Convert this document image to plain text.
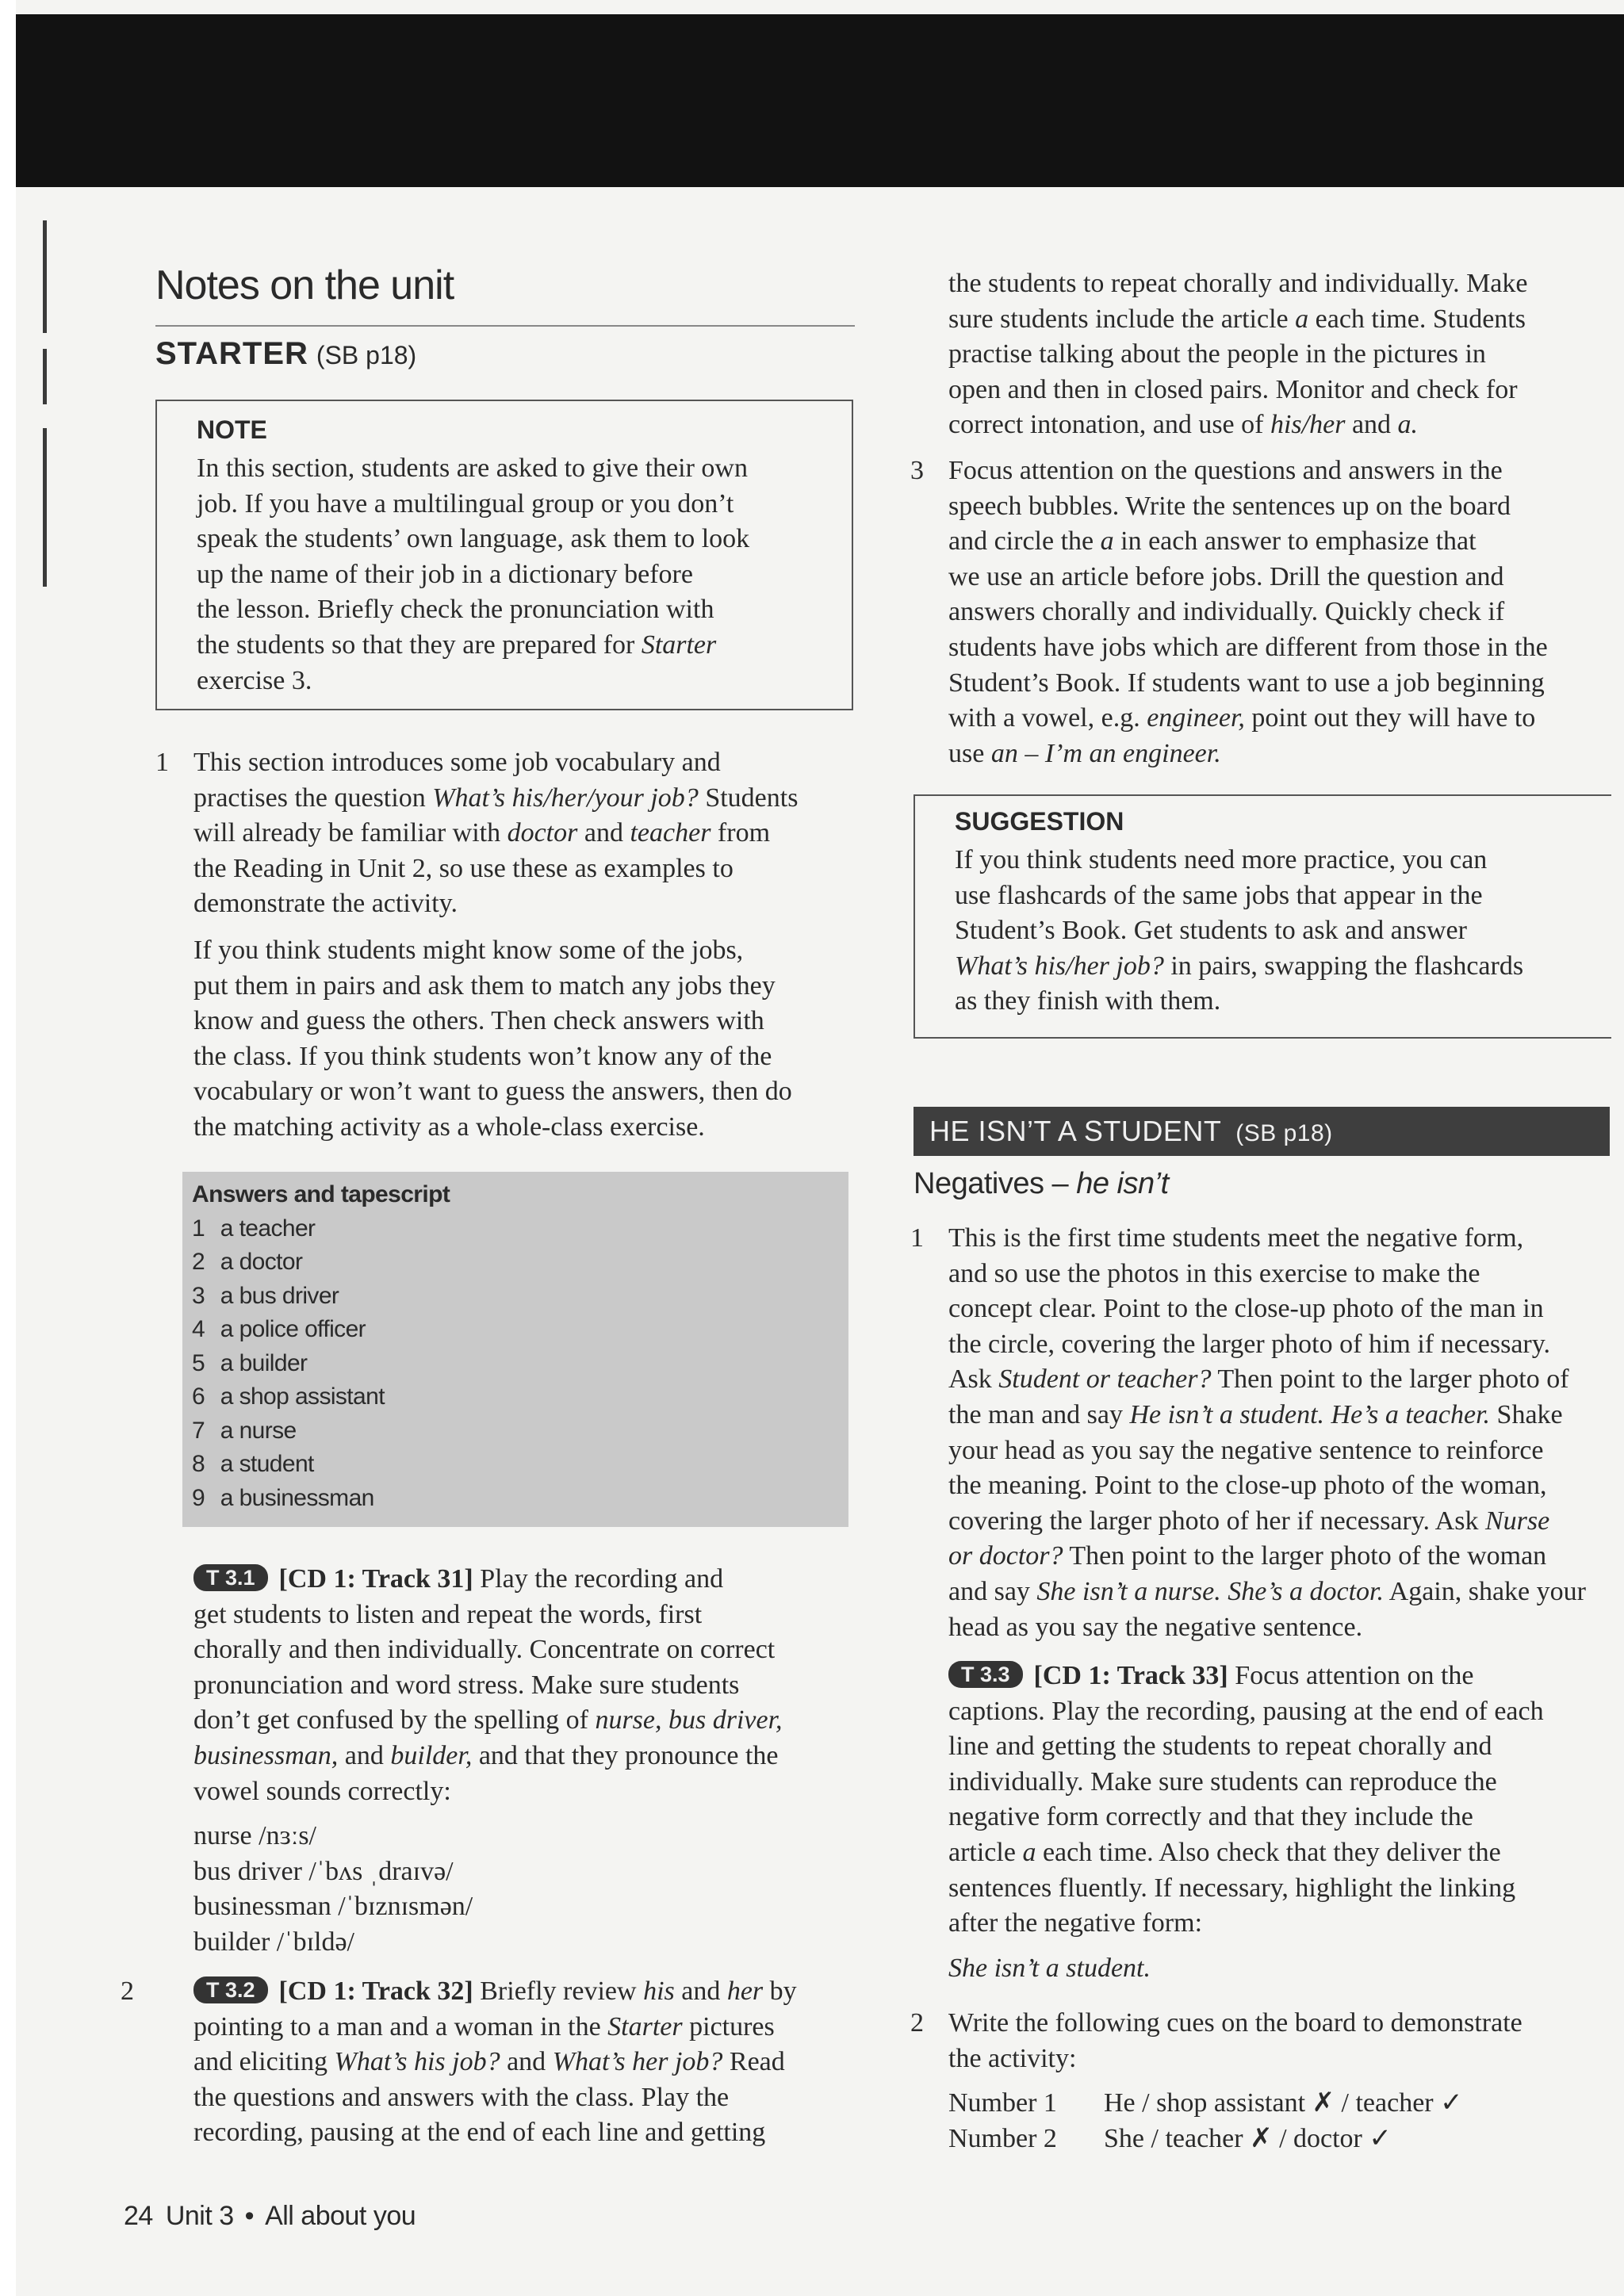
Notes on the unit
STARTER (SB p18)
NOTE
In this section, students are asked to give their own
job. If you have a multilingual group or you don’t
speak the students’ own language, ask them to look
up the name of their job in a dictionary before
the lesson. Briefly check the pronunciation with
the students so that they are prepared for Starter
exercise 3.
1 This section introduces some job vocabulary and
practises the question What’s his/her/your job? Students
will already be familiar with doctor and teacher from
the Reading in Unit 2, so use these as examples to
demonstrate the activity.
If you think students might know some of the jobs,
put them in pairs and ask them to match any jobs they
know and guess the others. Then check answers with
the class. If you think students won’t know any of the
vocabulary or won’t want to guess the answers, then do
the matching activity as a whole-class exercise.
Answers and tapescript
1 a teacher
2 a doctor
3 a bus driver
4 a police officer
5 a builder
6 a shop assistant
7 a nurse
8 a student
9 a businessman
T 3.1 [CD 1: Track 31] Play the recording and
get students to listen and repeat the words, first
chorally and then individually. Concentrate on correct
pronunciation and word stress. Make sure students
don’t get confused by the spelling of nurse, bus driver,
businessman, and builder, and that they pronounce the
vowel sounds correctly:
nurse /nɜːs/
bus driver /ˈbʌs ˌdraɪvə/
businessman /ˈbɪznɪsmən/
builder /ˈbɪldə/
2	T 3.2 [CD 1: Track 32] Briefly review his and her by
pointing to a man and a woman in the Starter pictures
and eliciting What’s his job? and What’s her job? Read
the questions and answers with the class. Play the
recording, pausing at the end of each line and getting
the students to repeat chorally and individually. Make
sure students include the article a each time. Students
practise talking about the people in the pictures in
open and then in closed pairs. Monitor and check for
correct intonation, and use of his/her and a.
3 Focus attention on the questions and answers in the
speech bubbles. Write the sentences up on the board
and circle the a in each answer to emphasize that
we use an article before jobs. Drill the question and
answers chorally and individually. Quickly check if
students have jobs which are different from those in the
Student’s Book. If students want to use a job beginning
with a vowel, e.g. engineer, point out they will have to
use an – I’m an engineer.
SUGGESTION
If you think students need more practice, you can
use flashcards of the same jobs that appear in the
Student’s Book. Get students to ask and answer
What’s his/her job? in pairs, swapping the flashcards
as they finish with them.
HE ISN’T A STUDENT (SB p18)
Negatives – he isn’t
1 This is the first time students meet the negative form,
and so use the photos in this exercise to make the
concept clear. Point to the close-up photo of the man in
the circle, covering the larger photo of him if necessary.
Ask Student or teacher? Then point to the larger photo of
the man and say He isn’t a student. He’s a teacher. Shake
your head as you say the negative sentence to reinforce
the meaning. Point to the close-up photo of the woman,
covering the larger photo of her if necessary. Ask Nurse
or doctor? Then point to the larger photo of the woman
and say She isn’t a nurse. She’s a doctor. Again, shake your
head as you say the negative sentence.
T 3.3 [CD 1: Track 33] Focus attention on the
captions. Play the recording, pausing at the end of each
line and getting the students to repeat chorally and
individually. Make sure students can reproduce the
negative form correctly and that they include the
article a each time. Also check that they deliver the
sentences fluently. If necessary, highlight the linking
after the negative form:
She isn’t a student.
2 Write the following cues on the board to demonstrate
the activity:
Number 1	He / shop assistant ✗ / teacher ✓
Number 2	She / teacher ✗ / doctor ✓
24 Unit 3 • All about you
